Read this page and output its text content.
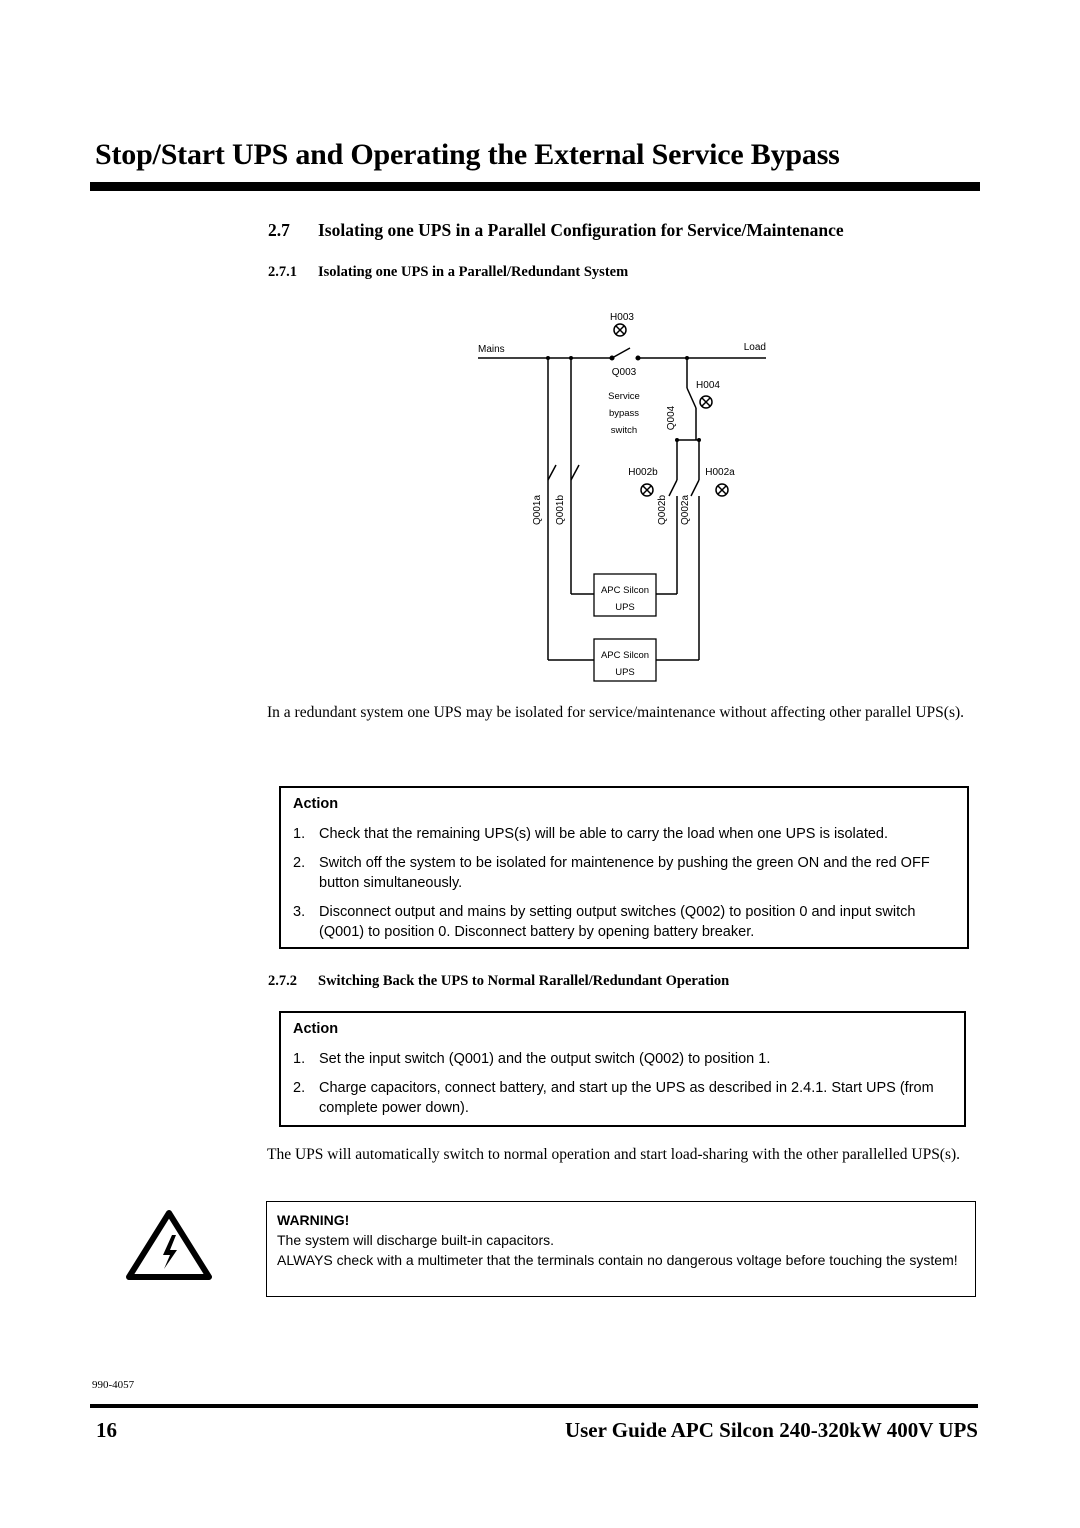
Stop/Start UPS and Operating the External Service Bypass
2.7 Isolating one UPS in a Parallel Configuration for Service/Maintenance
2.7.1 Isolating one UPS in a Parallel/Redundant System
Mains	Load
H003
Q003
H004
Q004
Service
bypass
switch
H002b	H002a
Q001a Q001b	Q002b Q002a
APC Silcon
UPS
APC Silcon
UPS
In a redundant system one UPS may be isolated for service/maintenance without affecting other parallel UPS(s).
Action
1. Check that the remaining UPS(s) will be able to carry the load when one UPS is isolated.
2. Switch off the system to be isolated for maintenence by pushing the green ON and the red OFF button simultaneously.
3. Disconnect output and mains by setting output switches (Q002) to position 0 and input switch (Q001) to position 0. Disconnect battery by opening battery breaker.
2.7.2 Switching Back the UPS to Normal Rarallel/Redundant Operation
Action
1. Set the input switch (Q001) and the output switch (Q002) to position 1.
2. Charge capacitors, connect battery, and start up the UPS as described in 2.4.1. Start UPS (from complete power down).
The UPS will automatically switch to normal operation and start load-sharing with the other parallelled UPS(s).
WARNING!
The system will discharge built-in capacitors.
ALWAYS check with a multimeter that the terminals contain no dangerous voltage before touching the system!
990-4057
16	User Guide APC Silcon 240-320kW 400V UPS
